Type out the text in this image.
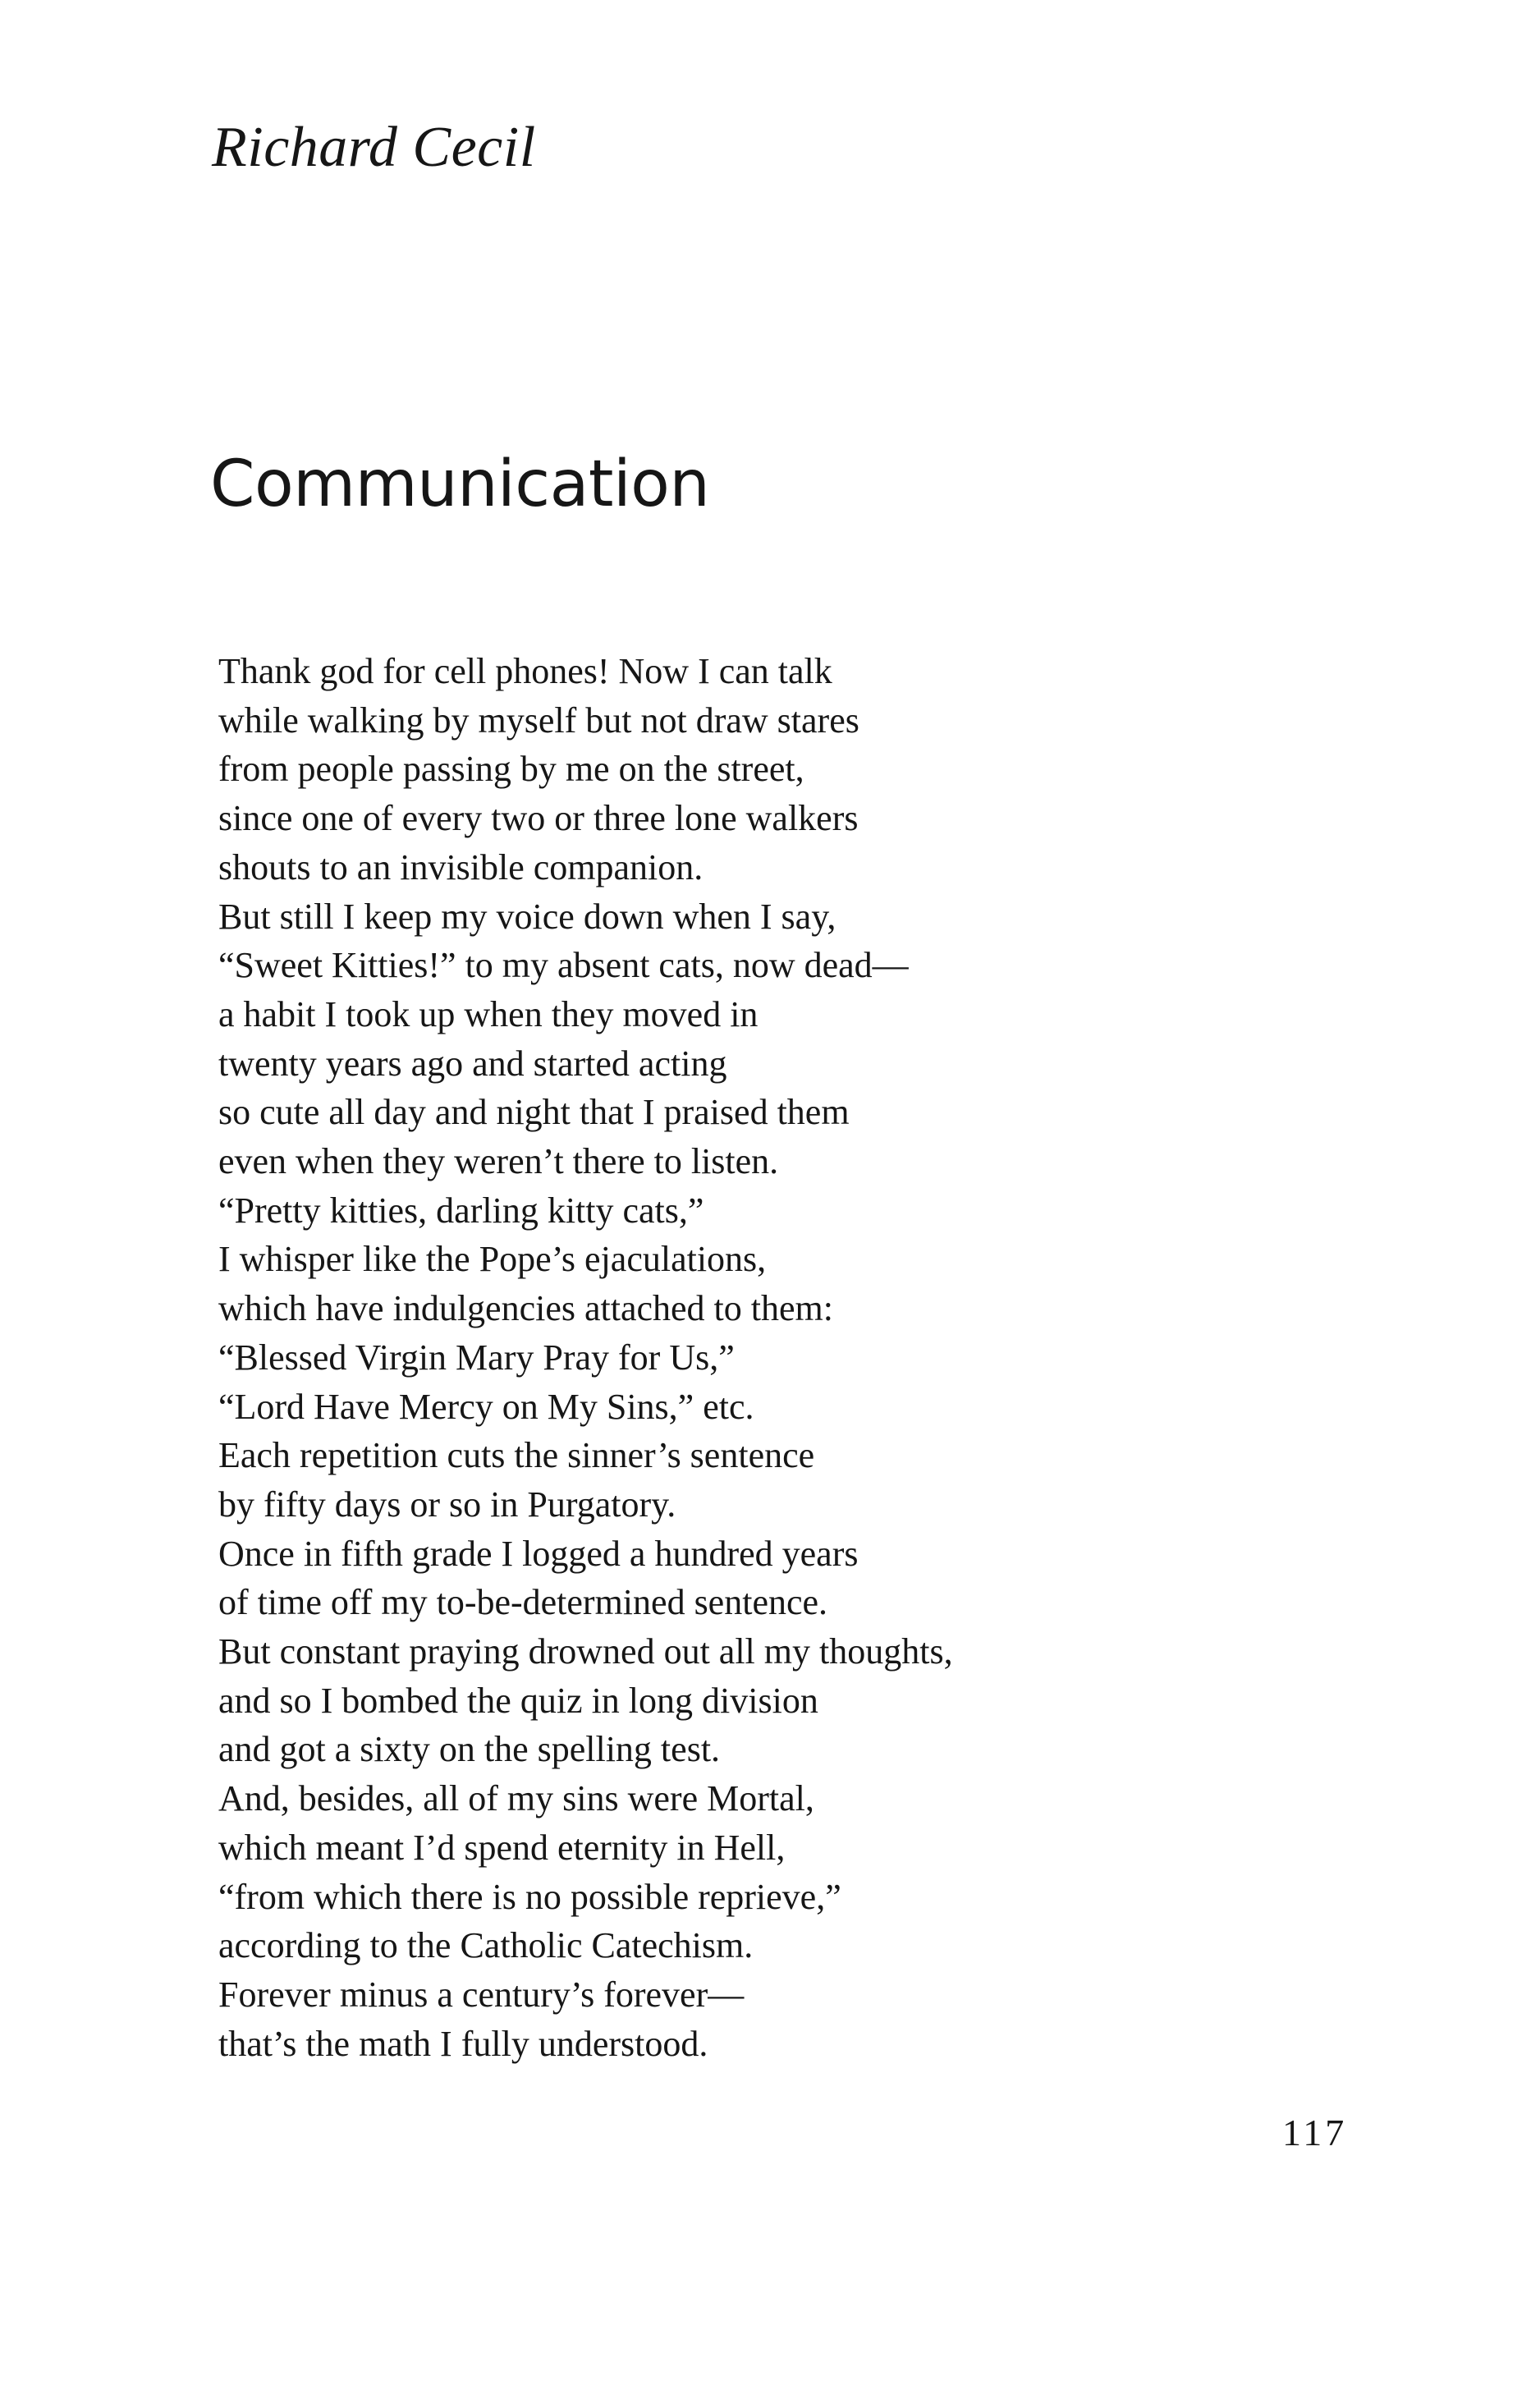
Richard Cecil
Communication
Thank god for cell phones! Now I can talk
while walking by myself but not draw stares
from people passing by me on the street,
since one of every two or three lone walkers
shouts to an invisible companion.
But still I keep my voice down when I say,
“Sweet Kitties!” to my absent cats, now dead—
a habit I took up when they moved in
twenty years ago and started acting
so cute all day and night that I praised them
even when they weren’t there to listen.
“Pretty kitties, darling kitty cats,”
I whisper like the Pope’s ejaculations,
which have indulgencies attached to them:
“Blessed Virgin Mary Pray for Us,”
“Lord Have Mercy on My Sins,” etc.
Each repetition cuts the sinner’s sentence
by fifty days or so in Purgatory.
Once in fifth grade I logged a hundred years
of time off my to-be-determined sentence.
But constant praying drowned out all my thoughts,
and so I bombed the quiz in long division
and got a sixty on the spelling test.
And, besides, all of my sins were Mortal,
which meant I’d spend eternity in Hell,
“from which there is no possible reprieve,”
according to the Catholic Catechism.
Forever minus a century’s forever—
that’s the math I fully understood.
117
